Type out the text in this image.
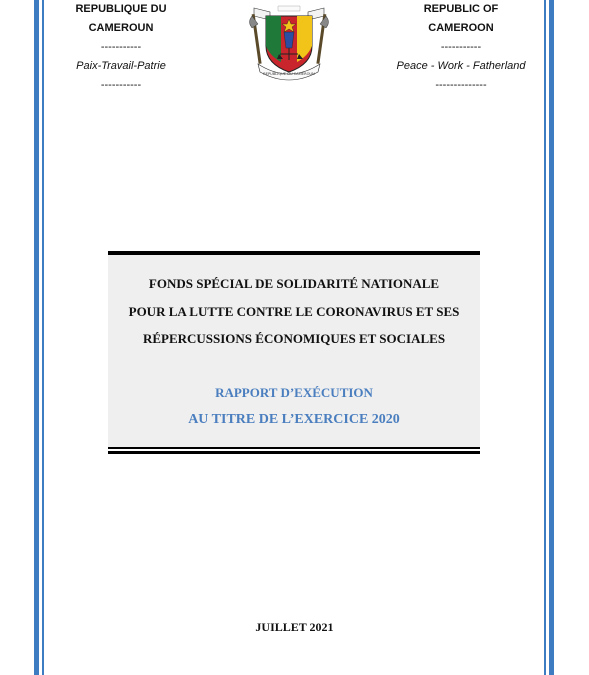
REPUBLIQUE DU
CAMEROUN
-----------
Paix-Travail-Patrie
-----------
REPUBLIQUE DU CAMEROUN
REPUBLIC OF
CAMEROON
-----------
Peace - Work - Fatherland
--------------
FONDS SPÉCIAL DE SOLIDARITÉ NATIONALE
POUR LA LUTTE CONTRE LE CORONAVIRUS ET SES
RÉPERCUSSIONS ÉCONOMIQUES ET SOCIALES
RAPPORT D’EXÉCUTION
AU TITRE DE L’EXERCICE 2020
JUILLET 2021
